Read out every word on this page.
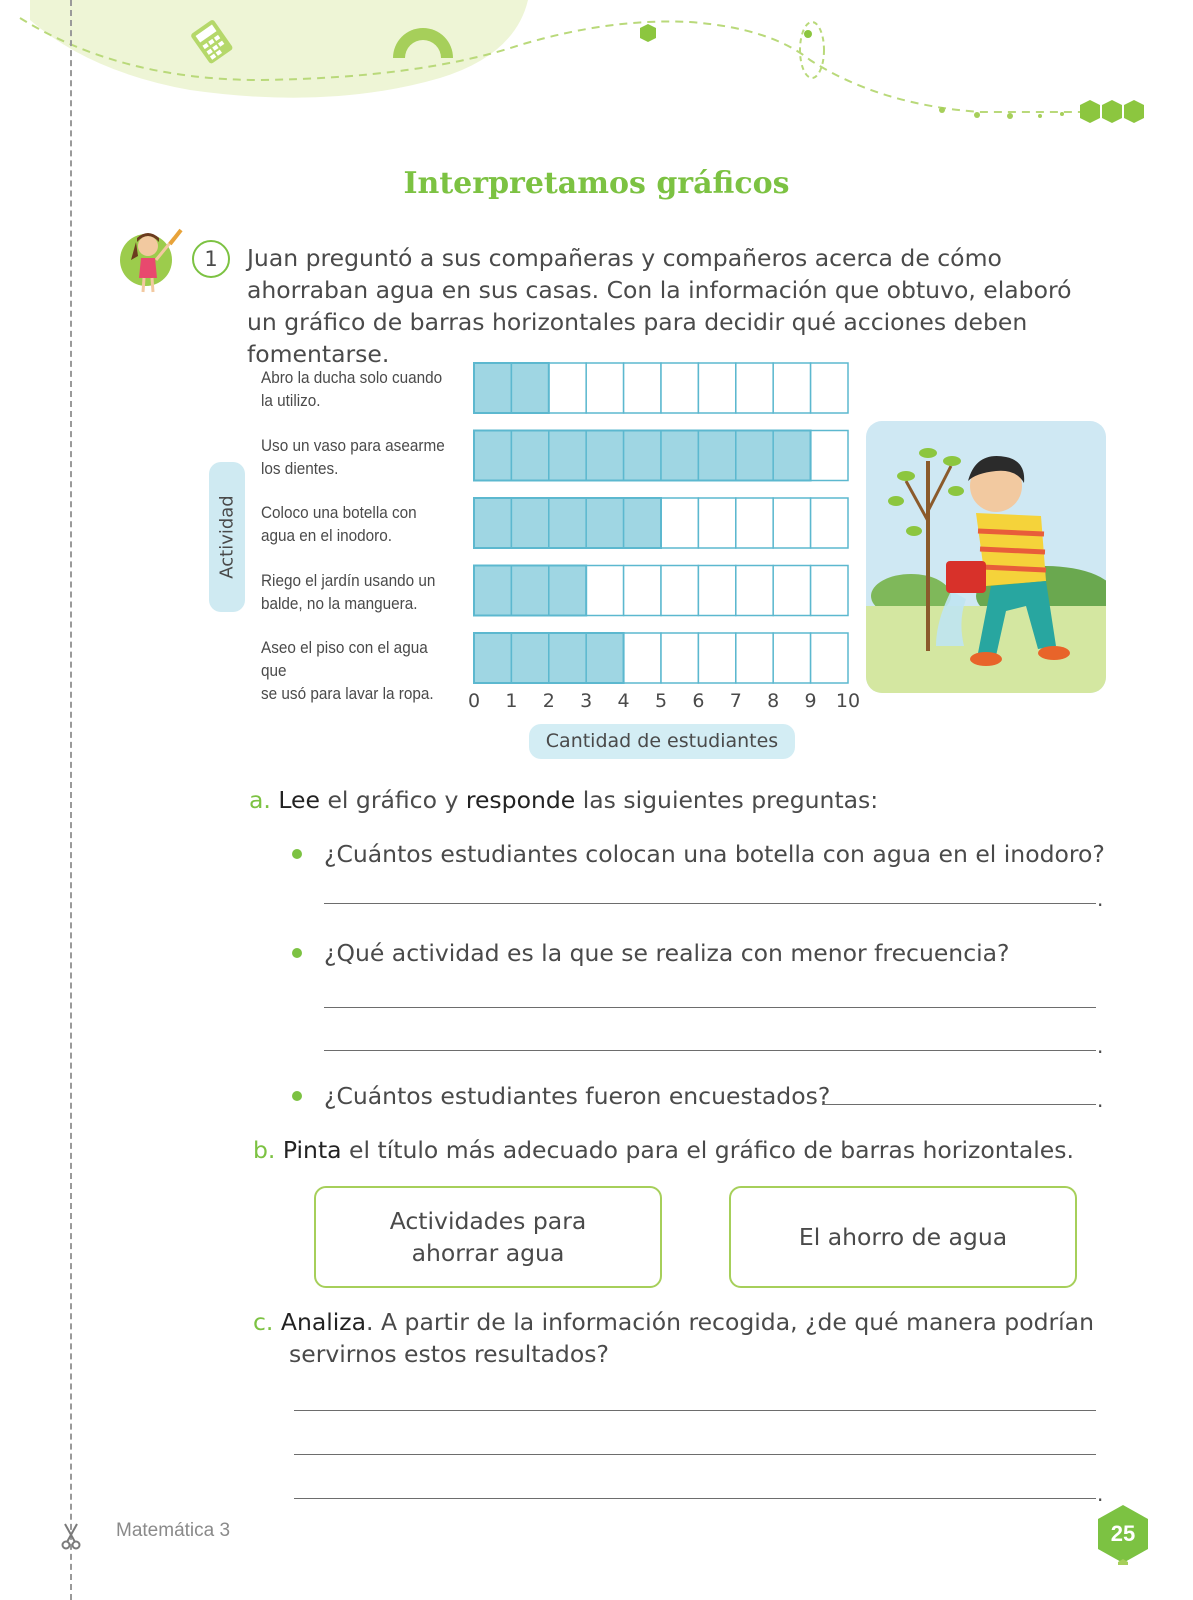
Interpretamos gráficos
1	Juan preguntó a sus compañeras y compañeros acerca de cómo ahorraban agua en sus casas. Con la información que obtuvo, elaboró un gráfico de barras horizontales para decidir qué acciones deben fomentarse.
Actividad
Abro la ducha solo cuando
la utilizo.
Uso un vaso para asearme
los dientes.
Coloco una botella con
agua en el inodoro.
Riego el jardín usando un
balde, no la manguera.
Aseo el piso con el agua que
se usó para lavar la ropa.	0 1 2 3 4 5 6 7 8 9 10
Cantidad de estudiantes
a. Lee el gráfico y responde las siguientes preguntas:
¿Cuántos estudiantes colocan una botella con agua en el inodoro?
.
¿Qué actividad es la que se realiza con menor frecuencia?
.
¿Cuántos estudiantes fueron encuestados?	.
b. Pinta el título más adecuado para el gráfico de barras horizontales.
Actividades para
ahorrar agua
El ahorro de agua
c. Analiza. A partir de la información recogida, ¿de qué manera podrían
servirnos estos resultados?
.
Matemática 3	25
